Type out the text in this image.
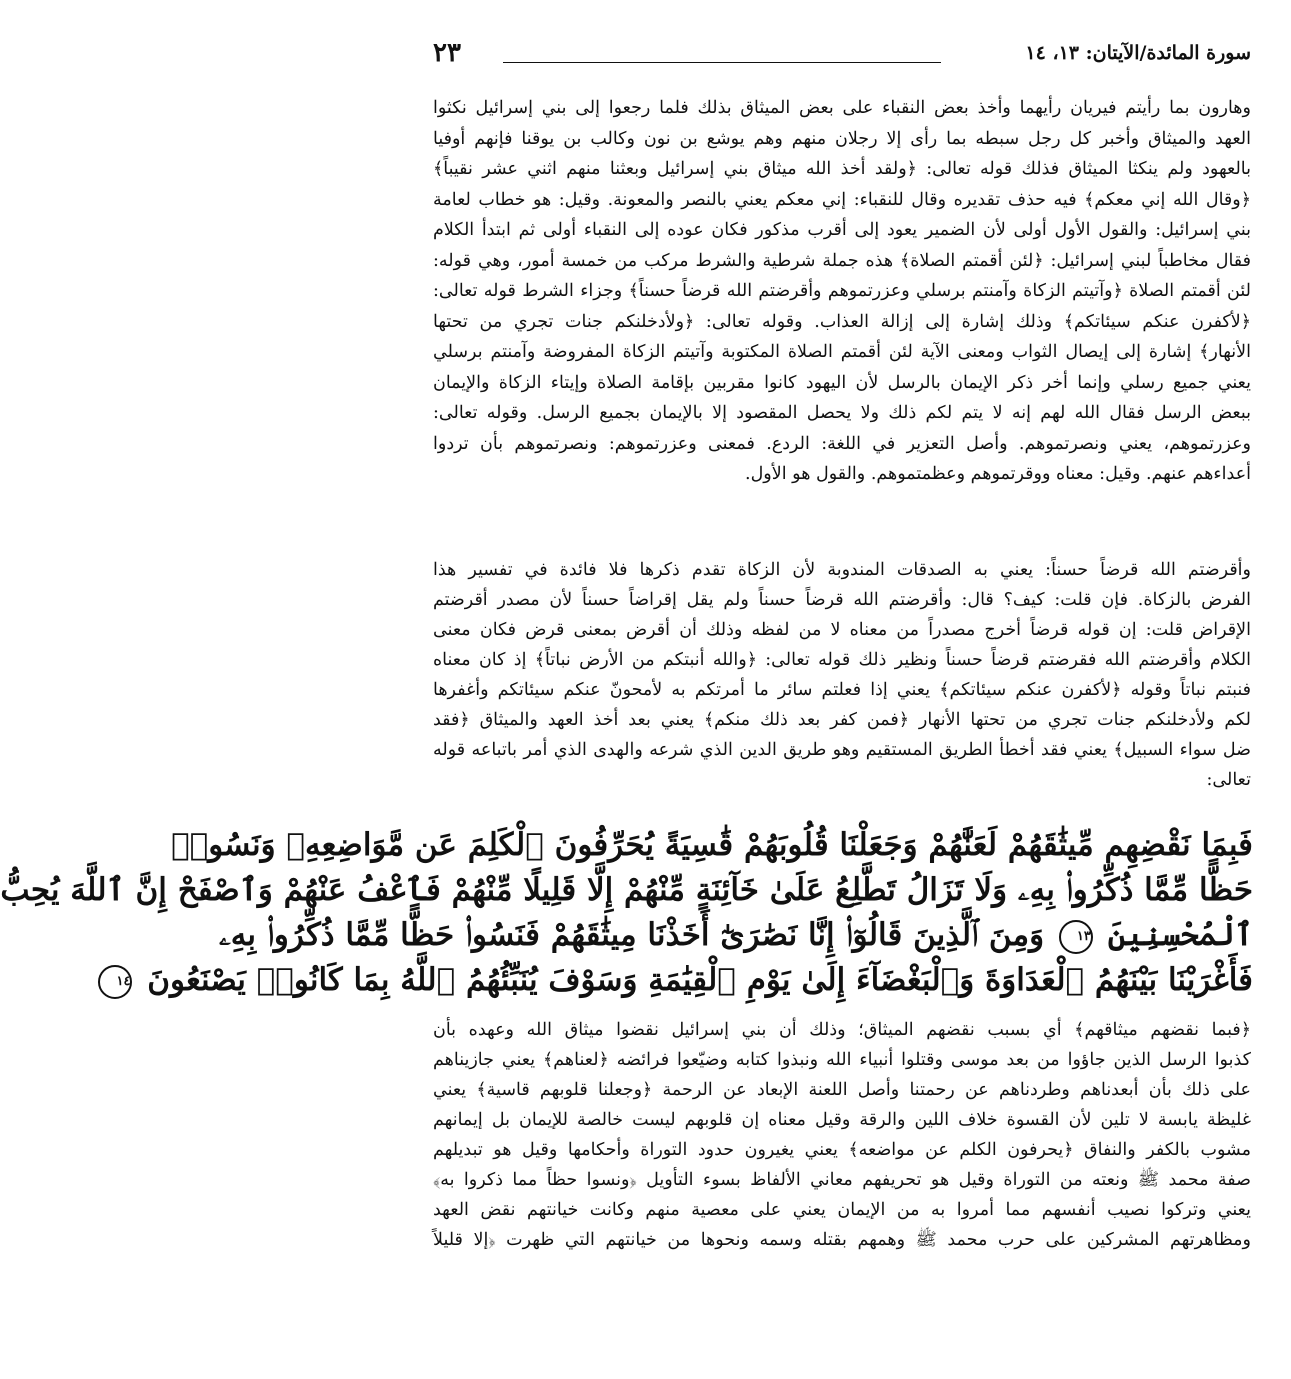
سورة المائدة/الآيتان: ١٣، ١٤
٢٣
وهارون بما رأيتم فيريان رأيهما وأخذ بعض النقباء على بعض الميثاق بذلك فلما رجعوا إلى بني إسرائيل نكثوا
العهد والميثاق وأخبر كل رجل سبطه بما رأى إلا رجلان منهم وهم يوشع بن نون وكالب بن يوقنا فإنهم أوفيا
بالعهود ولم ينكثا الميثاق فذلك قوله تعالى: ﴿ولقد أخذ الله ميثاق بني إسرائيل وبعثنا منهم اثني عشر نقيباً﴾
﴿وقال الله إني معكم﴾ فيه حذف تقديره وقال للنقباء: إني معكم يعني بالنصر والمعونة. وقيل: هو خطاب لعامة
بني إسرائيل: والقول الأول أولى لأن الضمير يعود إلى أقرب مذكور فكان عوده إلى النقباء أولى ثم ابتدأ الكلام
فقال مخاطباً لبني إسرائيل: ﴿لئن أقمتم الصلاة﴾ هذه جملة شرطية والشرط مركب من خمسة أمور، وهي قوله:
لئن أقمتم الصلاة ﴿وآتيتم الزكاة وآمنتم برسلي وعزرتموهم وأقرضتم الله قرضاً حسناً﴾ وجزاء الشرط قوله تعالى:
﴿لأكفرن عنكم سيئاتكم﴾ وذلك إشارة إلى إزالة العذاب. وقوله تعالى: ﴿ولأدخلنكم جنات تجري من تحتها
الأنهار﴾ إشارة إلى إيصال الثواب ومعنى الآية لئن أقمتم الصلاة المكتوبة وآتيتم الزكاة المفروضة وآمنتم برسلي
يعني جميع رسلي وإنما أخر ذكر الإيمان بالرسل لأن اليهود كانوا مقربين بإقامة الصلاة وإيتاء الزكاة والإيمان
ببعض الرسل فقال الله لهم إنه لا يتم لكم ذلك ولا يحصل المقصود إلا بالإيمان بجميع الرسل. وقوله تعالى:
وعزرتموهم، يعني ونصرتموهم. وأصل التعزير في اللغة: الردع. فمعنى وعزرتموهم: ونصرتموهم بأن تردوا
أعداءهم عنهم. وقيل: معناه ووقرتموهم وعظمتموهم. والقول هو الأول.
وأقرضتم الله قرضاً حسناً: يعني به الصدقات المندوبة لأن الزكاة تقدم ذكرها فلا فائدة في تفسير هذا
الفرض بالزكاة. فإن قلت: كيف؟ قال: وأقرضتم الله قرضاً حسناً ولم يقل إقراضاً حسناً لأن مصدر أقرضتم
الإقراض قلت: إن قوله قرضاً أخرج مصدراً من معناه لا من لفظه وذلك أن أقرض بمعنى قرض فكان معنى
الكلام وأقرضتم الله فقرضتم قرضاً حسناً ونظير ذلك قوله تعالى: ﴿والله أنبتكم من الأرض نباتاً﴾ إذ كان معناه
فنبتم نباتاً وقوله ﴿لأكفرن عنكم سيئاتكم﴾ يعني إذا فعلتم سائر ما أمرتكم به لأمحونّ عنكم سيئاتكم وأغفرها
لكم ولأدخلنكم جنات تجري من تحتها الأنهار ﴿فمن كفر بعد ذلك منكم﴾ يعني بعد أخذ العهد والميثاق ﴿فقد
ضل سواء السبيل﴾ يعني فقد أخطأ الطريق المستقيم وهو طريق الدين الذي شرعه والهدى الذي أمر باتباعه قوله
تعالى:
فَبِمَا نَقْضِهِم مِّيثَٰقَهُمْ لَعَنَّٰهُمْ وَجَعَلْنَا قُلُوبَهُمْ قَٰسِيَةً يُحَرِّفُونَ ٱلْكَلِمَ عَن مَّوَاضِعِهِۦ وَنَسُوا۟
حَظًّا مِّمَّا ذُكِّرُوا۟ بِهِۦ وَلَا تَزَالُ تَطَّلِعُ عَلَىٰ خَآئِنَةٍ مِّنْهُمْ إِلَّا قَلِيلًا مِّنْهُمْ فَٱعْفُ عَنْهُمْ وَٱصْفَحْ إِنَّ ٱللَّهَ يُحِبُّ
ٱلْمُحْسِنِينَ ١٣ وَمِنَ ٱلَّذِينَ قَالُوٓا۟ إِنَّا نَصَٰرَىٰٓ أَخَذْنَا مِيثَٰقَهُمْ فَنَسُوا۟ حَظًّا مِّمَّا ذُكِّرُوا۟ بِهِۦ
فَأَغْرَيْنَا بَيْنَهُمُ ٱلْعَدَاوَةَ وَٱلْبَغْضَآءَ إِلَىٰ يَوْمِ ٱلْقِيَٰمَةِ وَسَوْفَ يُنَبِّئُهُمُ ٱللَّهُ بِمَا كَانُوا۟ يَصْنَعُونَ ١٤
﴿فبما نقضهم ميثاقهم﴾ أي بسبب نقضهم الميثاق؛ وذلك أن بني إسرائيل نقضوا ميثاق الله وعهده بأن
كذبوا الرسل الذين جاؤوا من بعد موسى وقتلوا أنبياء الله ونبذوا كتابه وضيّعوا فرائضه ﴿لعناهم﴾ يعني جازيناهم
على ذلك بأن أبعدناهم وطردناهم عن رحمتنا وأصل اللعنة الإبعاد عن الرحمة ﴿وجعلنا قلوبهم قاسية﴾ يعني
غليظة يابسة لا تلين لأن القسوة خلاف اللين والرقة وقيل معناه إن قلوبهم ليست خالصة للإيمان بل إيمانهم
مشوب بالكفر والنفاق ﴿يحرفون الكلم عن مواضعه﴾ يعني يغيرون حدود التوراة وأحكامها وقيل هو تبديلهم
صفة محمد ﷺ ونعته من التوراة وقيل هو تحريفهم معاني الألفاظ بسوء التأويل ﴿ونسوا حظاً مما ذكروا به﴾
يعني وتركوا نصيب أنفسهم مما أمروا به من الإيمان يعني على معصية منهم وكانت خيانتهم نقض العهد
ومظاهرتهم المشركين على حرب محمد ﷺ وهمهم بقتله وسمه ونحوها من خيانتهم التي ظهرت ﴿إلا قليلاً
